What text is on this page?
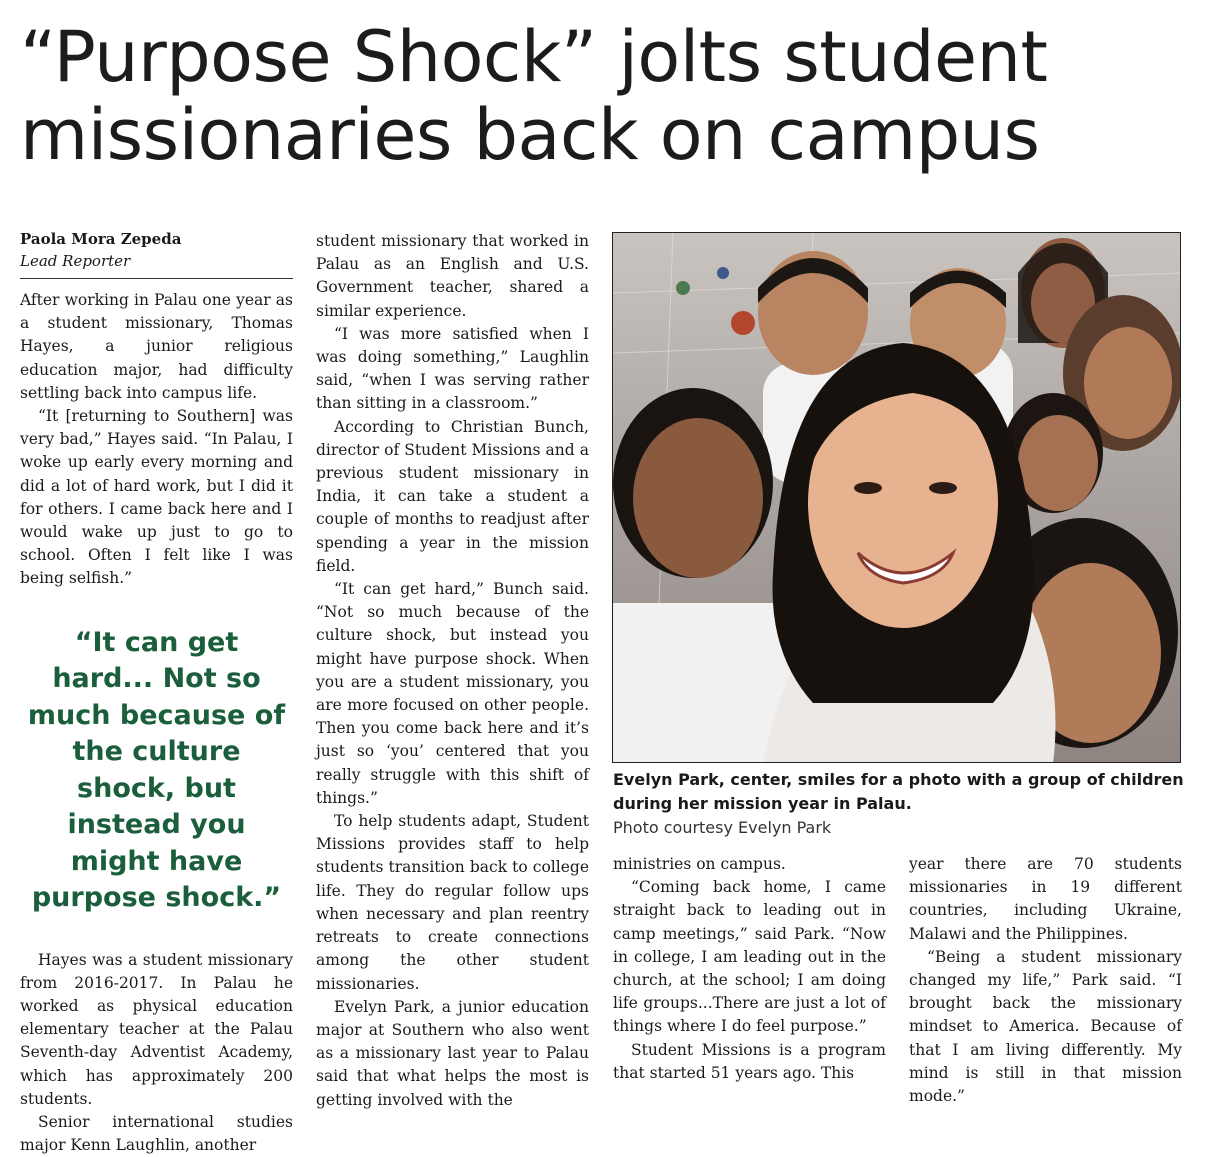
“Purpose Shock” jolts student missionaries back on campus
Paola Mora Zepeda
Lead Reporter

After working in Palau one year as a student missionary, Thomas Hayes, a junior religious education major, had difficulty settling back into campus life.

“It [returning to Southern] was very bad,” Hayes said. “In Palau, I woke up early every morning and did a lot of hard work, but I did it for others. I came back here and I would wake up just to go to school. Often I felt like I was being selfish.”

“It can get hard... Not so much because of the culture shock, but instead you might have purpose shock.”

Hayes was a student missionary from 2016-2017. In Palau he worked as physical education elementary teacher at the Palau Seventh-day Adventist Academy, which has approximately 200 students.

Senior international studies major Kenn Laughlin, another

student missionary that worked in Palau as an English and U.S. Government teacher, shared a similar experience.

“I was more satisfied when I was doing something,” Laughlin said, “when I was serving rather than sitting in a classroom.”

According to Christian Bunch, director of Student Missions and a previous student missionary in India, it can take a student a couple of months to readjust after spending a year in the mission field.

“It can get hard,” Bunch said. “Not so much because of the culture shock, but instead you might have purpose shock. When you are a student missionary, you are more focused on other people. Then you come back here and it’s just so ‘you’ centered that you really struggle with this shift of things.”

To help students adapt, Student Missions provides staff to help students transition back to college life. They do regular follow ups when necessary and plan reentry retreats to create connections among the other student missionaries.

Evelyn Park, a junior education major at Southern who also went as a missionary last year to Palau said that what helps the most is getting involved with the

Evelyn Park, center, smiles for a photo with a group of children during her mission year in Palau.
Photo courtesy Evelyn Park

ministries on campus.

“Coming back home, I came straight back to leading out in camp meetings,” said Park. “Now in college, I am leading out in the church, at the school; I am doing life groups...There are just a lot of things where I do feel purpose.”

Student Missions is a program that started 51 years ago. This

year there are 70 students missionaries in 19 different countries, including Ukraine, Malawi and the Philippines.

“Being a student missionary changed my life,” Park said. “I brought back the missionary mindset to America. Because of that I am living differently. My mind is still in that mission mode.”
